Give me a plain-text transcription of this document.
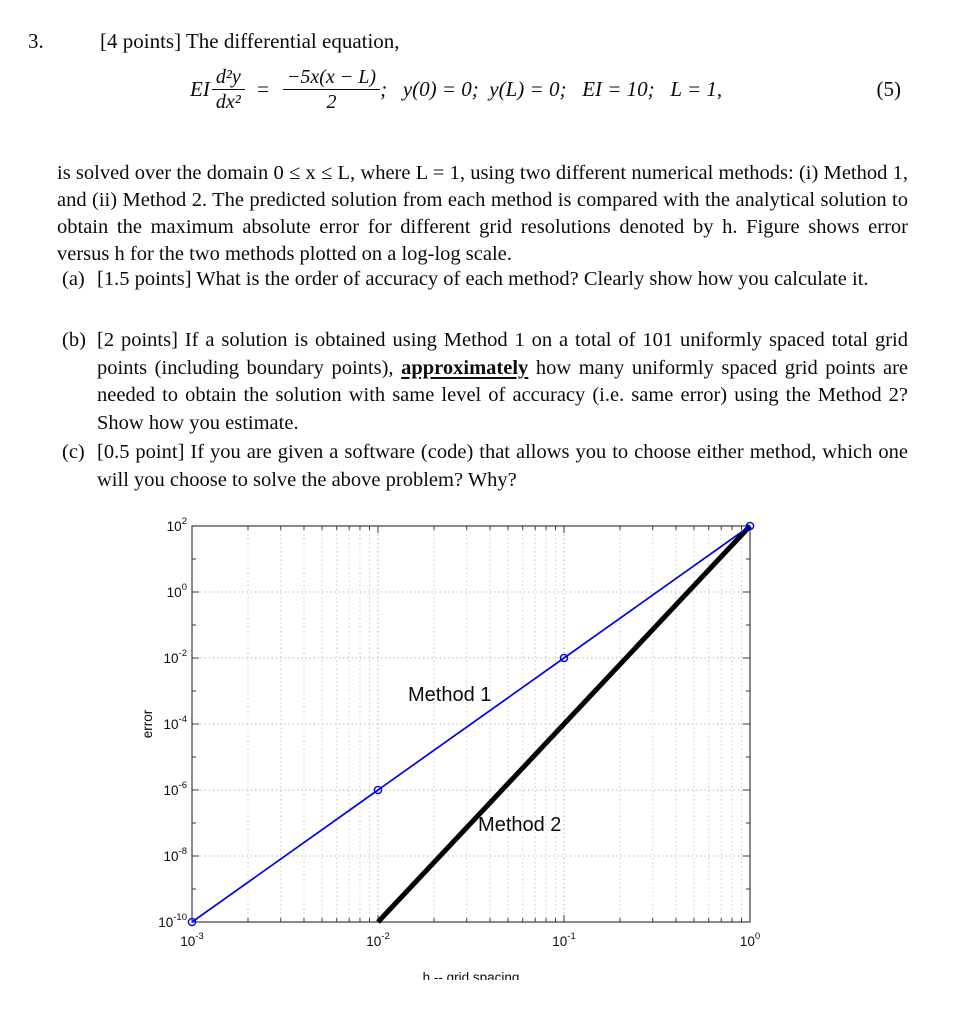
3.	[4 points] The differential equation,
EI $\frac{\text{d²y}}{\text{dx²}} = \frac{-5x(x - L)}{2}$ ;   y(0) = 0;  y(L) = 0;   EI = 10;   L = 1,	(5)

is solved over the domain 0 ≤ x ≤ L, where L = 1, using two different numerical methods: (i) Method 1, and (ii) Method 2. The predicted solution from each method is compared with the analytical solution to obtain the maximum absolute error for different grid resolutions denoted by h. Figure shows error versus h for the two methods plotted on a log-log scale.

(a) [1.5 points] What is the order of accuracy of each method? Clearly show how you calculate it.
(b) [2 points] If a solution is obtained using Method 1 on a total of 101 uniformly spaced total grid points (including boundary points), approximately how many uniformly spaced grid points are needed to obtain the solution with same level of accuracy (i.e. same error) using the Method 2? Show how you estimate.
(c) [0.5 point] If you are given a software (code) that allows you to choose either method, which one will you choose to solve the above problem? Why?
$10^{-3}$	$10^{-2}$	$10^{-1}$	$10^0$
$10^2$
$10^0$
$10^{-2}$
$10^{-4}$
$10^{-6}$
$10^{-8}$
$10^{-10}$
h -- grid spacing
error
Method 1
Method 2
